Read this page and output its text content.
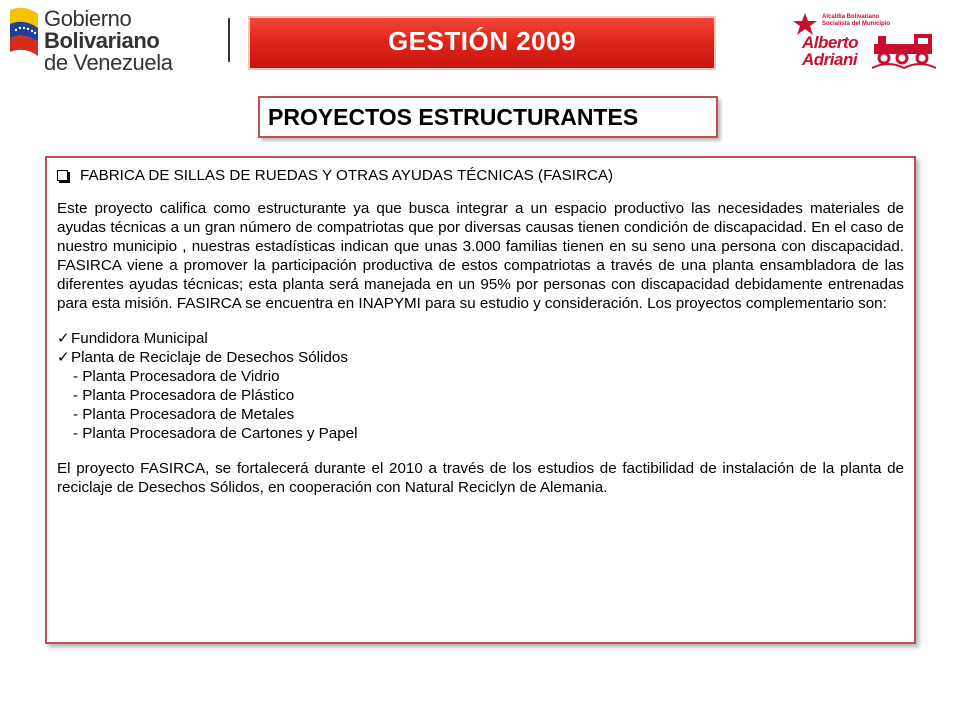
Gobierno Bolivariano
de Venezuela
GESTIÓN 2009
Alcaldía Bolivariano
Socialista del Municipio
Alberto
Adriani
PROYECTOS ESTRUCTURANTES
FABRICA DE SILLAS DE RUEDAS Y OTRAS AYUDAS TÉCNICAS (FASIRCA)
Este proyecto califica como estructurante ya que busca integrar a un espacio productivo las necesidades materiales de ayudas técnicas a un gran número de compatriotas que por diversas causas tienen condición de discapacidad. En el caso de nuestro municipio , nuestras estadísticas indican que unas 3.000 familias tienen en su seno una persona con discapacidad. FASIRCA viene a promover la participación productiva de estos compatriotas a través de una planta ensambladora de las diferentes ayudas técnicas; esta planta será manejada en un 95% por personas con discapacidad debidamente entrenadas para esta misión. FASIRCA se encuentra en INAPYMI para su estudio y consideración. Los proyectos complementario son:
✓ Fundidora Municipal
✓ Planta de Reciclaje de Desechos Sólidos
- Planta Procesadora de Vidrio
- Planta Procesadora de Plástico
- Planta Procesadora de Metales
- Planta Procesadora de Cartones y Papel
El proyecto FASIRCA, se fortalecerá durante el 2010 a través de los estudios de factibilidad de instalación de la planta de reciclaje de Desechos Sólidos, en cooperación con Natural Reciclyn de Alemania.
